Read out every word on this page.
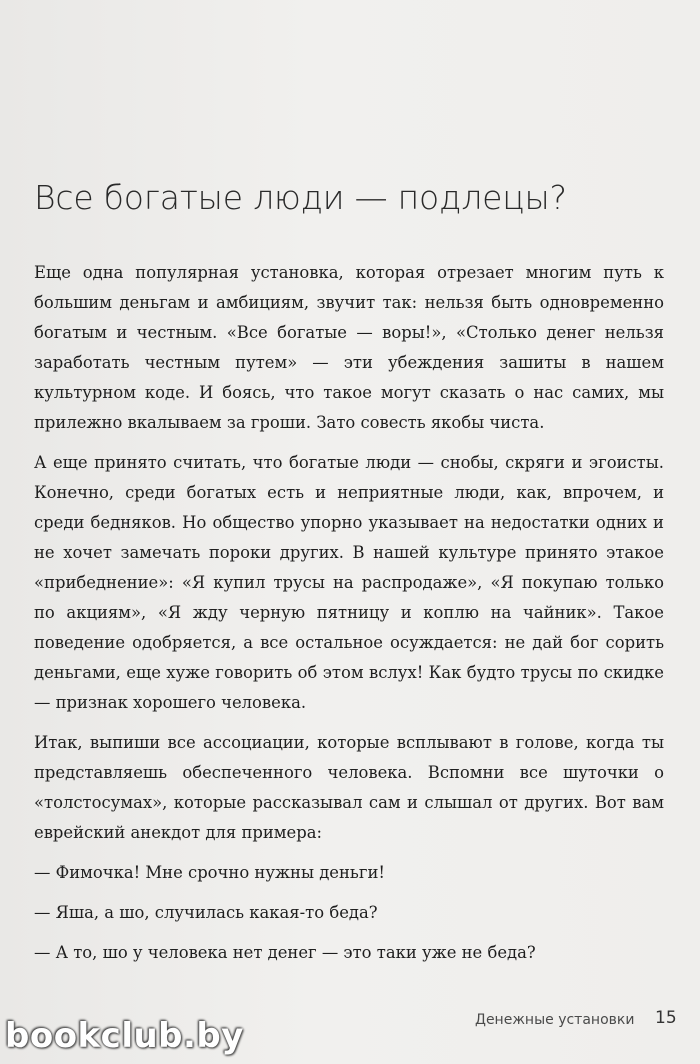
Все богатые люди — подлецы?

Еще одна популярная установка, которая отрезает многим путь к большим деньгам и амбициям, звучит так: нельзя быть одновременно богатым и честным. «Все богатые — воры!», «Столько денег нельзя заработать честным путем» — эти убеждения зашиты в нашем культурном коде. И боясь, что такое могут сказать о нас самих, мы прилежно вкалываем за гроши. Зато совесть якобы чиста.

А еще принято считать, что богатые люди — снобы, скряги и эгоисты. Конечно, среди богатых есть и неприятные люди, как, впрочем, и среди бедняков. Но общество упорно указывает на недостатки одних и не хочет замечать пороки других. В нашей культуре принято этакое «прибеднение»: «Я купил трусы на распродаже», «Я покупаю только по акциям», «Я жду черную пятницу и коплю на чайник». Такое поведение одобряется, а все остальное осуждается: не дай бог сорить деньгами, еще хуже говорить об этом вслух! Как будто трусы по скидке — признак хорошего человека.

Итак, выпиши все ассоциации, которые всплывают в голове, когда ты представляешь обеспеченного человека. Вспомни все шуточки о «толстосумах», которые рассказывал сам и слышал от других. Вот вам еврейский анекдот для примера:

— Фимочка! Мне срочно нужны деньги!

— Яша, а шо, случилась какая-то беда?

— А то, шо у человека нет денег — это таки уже не беда?

Денежные установки 15
bookclub.by
